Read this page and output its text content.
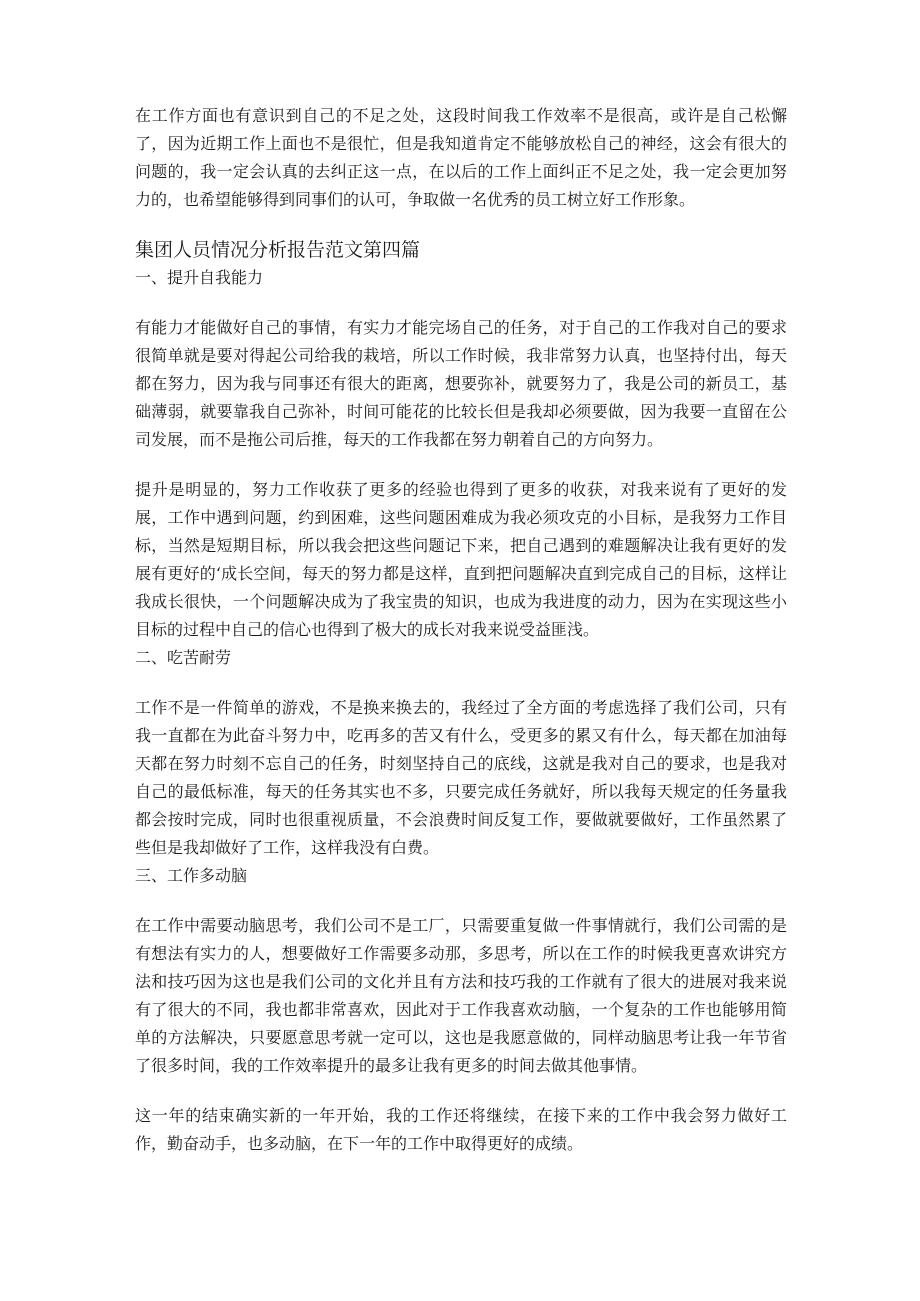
在工作方面也有意识到自己的不足之处，这段时间我工作效率不是很高，或许是自己松懈了，因为近期工作上面也不是很忙，但是我知道肯定不能够放松自己的神经，这会有很大的问题的，我一定会认真的去纠正这一点，在以后的工作上面纠正不足之处，我一定会更加努力的，也希望能够得到同事们的认可，争取做一名优秀的员工树立好工作形象。

集团人员情况分析报告范文第四篇

一、提升自我能力

有能力才能做好自己的事情，有实力才能完场自己的任务，对于自己的工作我对自己的要求很简单就是要对得起公司给我的栽培，所以工作时候，我非常努力认真，也坚持付出，每天都在努力，因为我与同事还有很大的距离，想要弥补，就要努力了，我是公司的新员工，基础薄弱，就要靠我自己弥补，时间可能花的比较长但是我却必须要做，因为我要一直留在公司发展，而不是拖公司后推，每天的工作我都在努力朝着自己的方向努力。

提升是明显的，努力工作收获了更多的经验也得到了更多的收获，对我来说有了更好的发展，工作中遇到问题，约到困难，这些问题困难成为我必须攻克的小目标，是我努力工作目标，当然是短期目标，所以我会把这些问题记下来，把自己遇到的难题解决让我有更好的发展有更好的‘成长空间，每天的努力都是这样，直到把问题解决直到完成自己的目标，这样让我成长很快，一个问题解决成为了我宝贵的知识，也成为我进度的动力，因为在实现这些小目标的过程中自己的信心也得到了极大的成长对我来说受益匪浅。

二、吃苦耐劳

工作不是一件简单的游戏，不是换来换去的，我经过了全方面的考虑选择了我们公司，只有我一直都在为此奋斗努力中，吃再多的苦又有什么，受更多的累又有什么，每天都在加油每天都在努力时刻不忘自己的任务，时刻坚持自己的底线，这就是我对自己的要求，也是我对自己的最低标准，每天的任务其实也不多，只要完成任务就好，所以我每天规定的任务量我都会按时完成，同时也很重视质量，不会浪费时间反复工作，要做就要做好，工作虽然累了些但是我却做好了工作，这样我没有白费。

三、工作多动脑

在工作中需要动脑思考，我们公司不是工厂，只需要重复做一件事情就行，我们公司需的是有想法有实力的人，想要做好工作需要多动那，多思考，所以在工作的时候我更喜欢讲究方法和技巧因为这也是我们公司的文化并且有方法和技巧我的工作就有了很大的进展对我来说有了很大的不同，我也都非常喜欢，因此对于工作我喜欢动脑，一个复杂的工作也能够用简单的方法解决，只要愿意思考就一定可以，这也是我愿意做的，同样动脑思考让我一年节省了很多时间，我的工作效率提升的最多让我有更多的时间去做其他事情。

这一年的结束确实新的一年开始，我的工作还将继续，在接下来的工作中我会努力做好工作，勤奋动手，也多动脑，在下一年的工作中取得更好的成绩。
